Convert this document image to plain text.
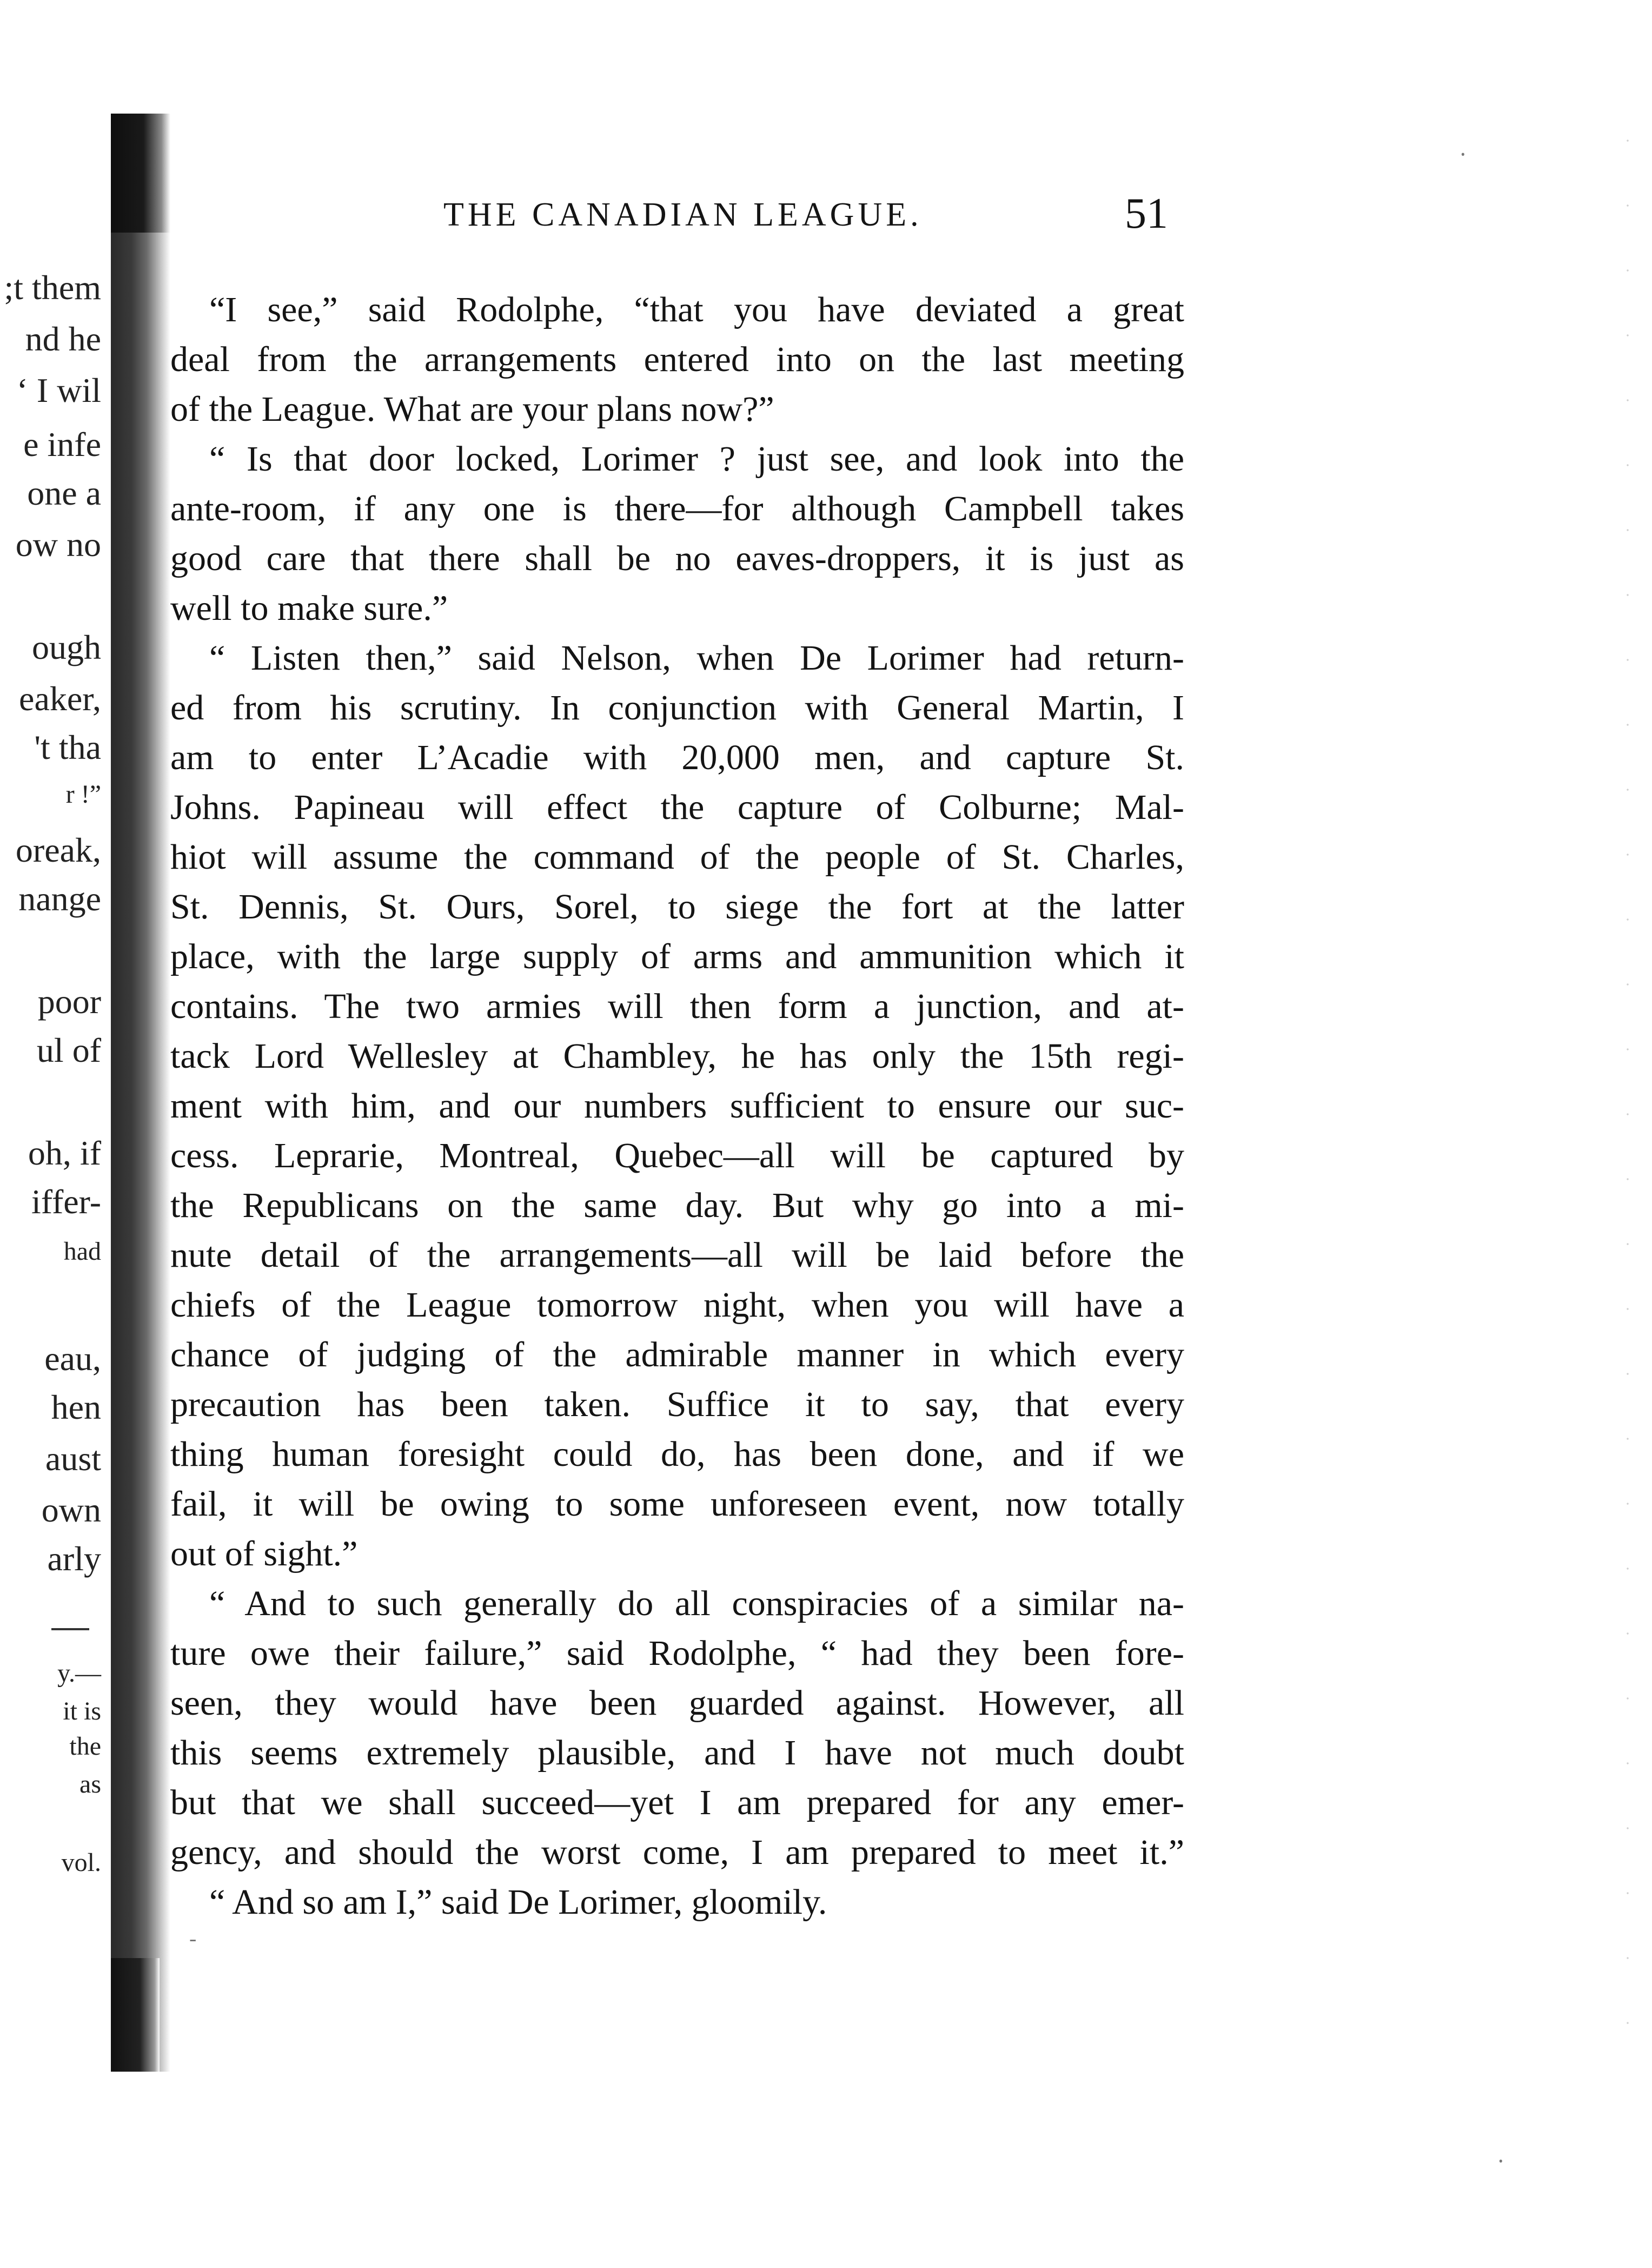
;t them
nd he
‘ I wil
e infe
one a
ow no
ough
eaker,
't tha
r !”
oreak,
nange
poor
ul of
oh, if
iffer-
had
eau,
hen
aust
own
arly
y.—
it is
the
as
vol.
⸳
⸳
-
THE CANADIAN LEAGUE.	51
“I see,” said Rodolphe, “that you have deviated a great
deal from the arrangements entered into on the last meeting
of the League. What are your plans now?”
“ Is that door locked, Lorimer ? just see, and look into the
ante-room, if any one is there—for although Campbell takes
good care that there shall be no eaves-droppers, it is just as
well to make sure.”
“ Listen then,” said Nelson, when De Lorimer had return-
ed from his scrutiny. In conjunction with General Martin, I
am to enter L’Acadie with 20,000 men, and capture St.
Johns. Papineau will effect the capture of Colburne; Mal-
hiot will assume the command of the people of St. Charles,
St. Dennis, St. Ours, Sorel, to siege the fort at the latter
place, with the large supply of arms and ammunition which it
contains. The two armies will then form a junction, and at-
tack Lord Wellesley at Chambley, he has only the 15th regi-
ment with him, and our numbers sufficient to ensure our suc-
cess. Leprarie, Montreal, Quebec—all will be captured by
the Republicans on the same day. But why go into a mi-
nute detail of the arrangements—all will be laid before the
chiefs of the League tomorrow night, when you will have a
chance of judging of the admirable manner in which every
precaution has been taken. Suffice it to say, that every
thing human foresight could do, has been done, and if we
fail, it will be owing to some unforeseen event, now totally
out of sight.”
“ And to such generally do all conspiracies of a similar na-
ture owe their failure,” said Rodolphe, “ had they been fore-
seen, they would have been guarded against. However, all
this seems extremely plausible, and I have not much doubt
but that we shall succeed—yet I am prepared for any emer-
gency, and should the worst come, I am prepared to meet it.”
“ And so am I,” said De Lorimer, gloomily.
